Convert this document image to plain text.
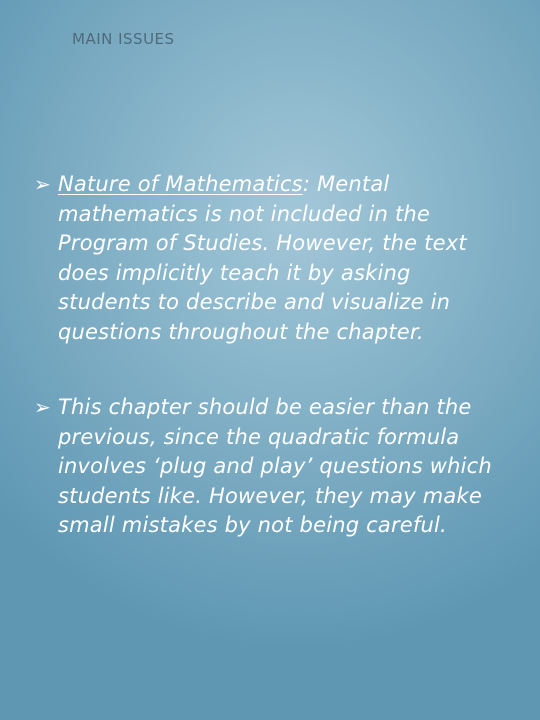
MAIN ISSUES
➢ Nature of Mathematics: Mental mathematics is not included in the Program of Studies. However, the text does implicitly teach it by asking students to describe and visualize in questions throughout the chapter.
➢ This chapter should be easier than the previous, since the quadratic formula involves ‘plug and play’ questions which students like. However, they may make small mistakes by not being careful.
